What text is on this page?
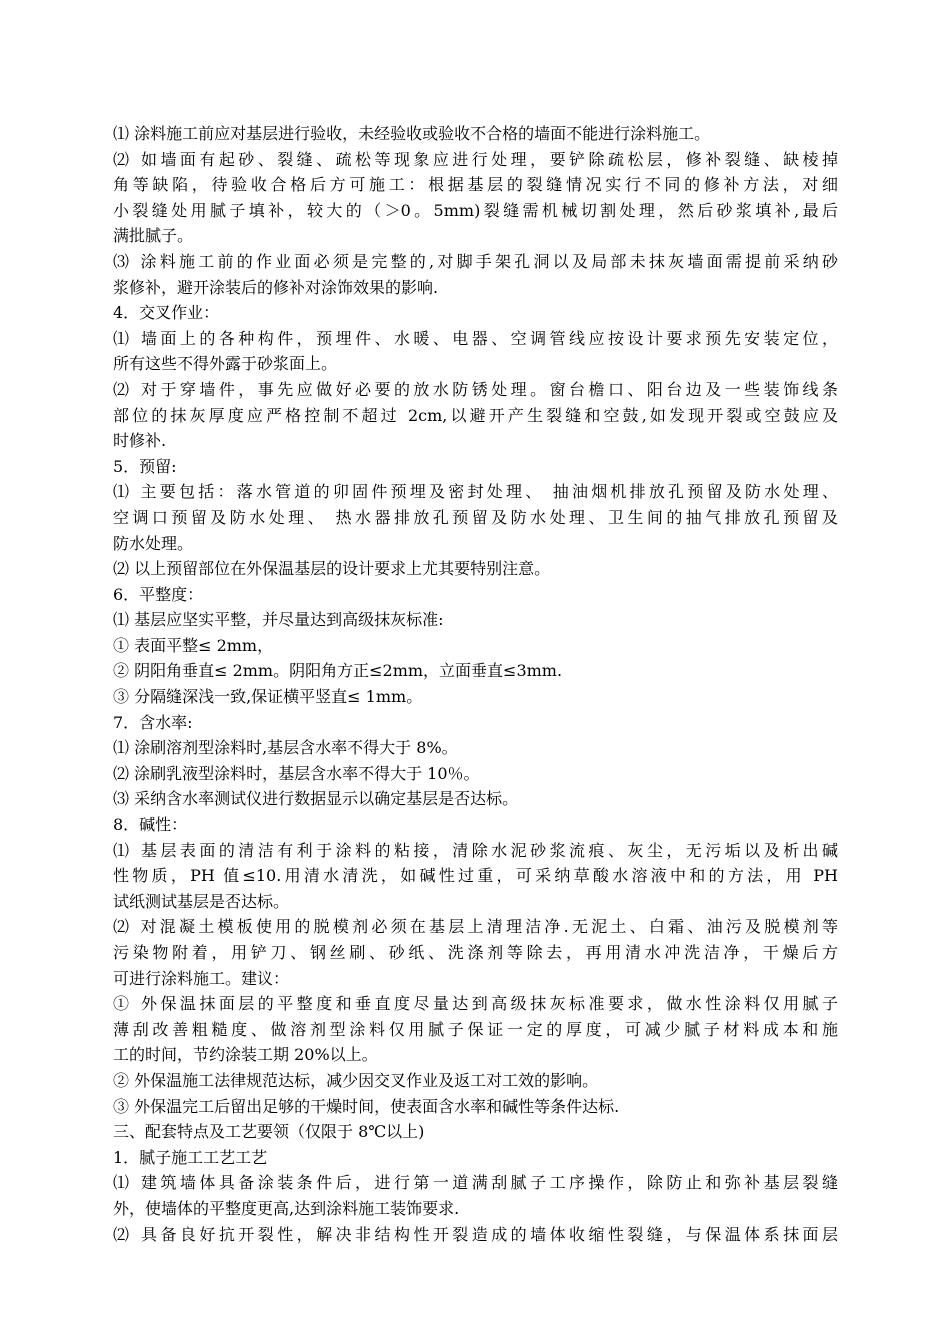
⑴ 涂料施工前应对基层进行验收，未经验收或验收不合格的墙面不能进行涂料施工。
⑵ 如墙面有起砂、裂缝、疏松等现象应进行处理，要铲除疏松层，修补裂缝、缺棱掉
角等缺陷，待验收合格后方可施工：根据基层的裂缝情况实行不同的修补方法，对细
小裂缝处用腻子填补，较大的（＞0。5mm)裂缝需机械切割处理，然后砂浆填补,最后
满批腻子。
⑶ 涂料施工前的作业面必须是完整的,对脚手架孔洞以及局部未抹灰墙面需提前采纳砂
浆修补，避开涂装后的修补对涂饰效果的影响.
4．交叉作业：
⑴ 墙面上的各种构件，预埋件、水暖、电器、空调管线应按设计要求预先安装定位，
所有这些不得外露于砂浆面上。
⑵ 对于穿墙件，事先应做好必要的放水防锈处理。窗台檐口、阳台边及一些装饰线条
部位的抹灰厚度应严格控制不超过 2cm,以避开产生裂缝和空鼓,如发现开裂或空鼓应及
时修补.
5．预留:
⑴ 主要包括：落水管道的卯固件预埋及密封处理、 抽油烟机排放孔预留及防水处理、
空调口预留及防水处理、 热水器排放孔预留及防水处理、卫生间的抽气排放孔预留及
防水处理。
⑵ 以上预留部位在外保温基层的设计要求上尤其要特别注意。
6．平整度：
⑴ 基层应坚实平整，并尽量达到高级抹灰标准:
① 表面平整≤ 2mm，
② 阴阳角垂直≤ 2mm。阴阳角方正≤2mm，立面垂直≤3mm.
③ 分隔缝深浅一致,保证横平竖直≤ 1mm。
7．含水率:
⑴ 涂刷溶剂型涂料时,基层含水率不得大于 8%。
⑵ 涂刷乳液型涂料时，基层含水率不得大于 10％。
⑶ 采纳含水率测试仪进行数据显示以确定基层是否达标。
8．碱性：
⑴ 基层表面的清洁有利于涂料的粘接，清除水泥砂浆流痕、灰尘，无污垢以及析出碱
性物质，PH 值≤10.用清水清洗，如碱性过重，可采纳草酸水溶液中和的方法，用 PH
试纸测试基层是否达标。
⑵ 对混凝土模板使用的脱模剂必须在基层上清理洁净.无泥土、白霜、油污及脱模剂等
污染物附着，用铲刀、钢丝刷、砂纸、洗涤剂等除去，再用清水冲洗洁净，干燥后方
可进行涂料施工。建议：
① 外保温抹面层的平整度和垂直度尽量达到高级抹灰标准要求，做水性涂料仅用腻子
薄刮改善粗糙度、做溶剂型涂料仅用腻子保证一定的厚度，可减少腻子材料成本和施
工的时间，节约涂装工期 20%以上。
② 外保温施工法律规范达标，减少因交叉作业及返工对工效的影响。
③ 外保温完工后留出足够的干燥时间，使表面含水率和碱性等条件达标.
三、配套特点及工艺要领（仅限于 8℃以上)
1．腻子施工工艺工艺
⑴ 建筑墙体具备涂装条件后，进行第一道满刮腻子工序操作，除防止和弥补基层裂缝
外，使墙体的平整度更高,达到涂料施工装饰要求.
⑵ 具备良好抗开裂性，解决非结构性开裂造成的墙体收缩性裂缝，与保温体系抹面层
